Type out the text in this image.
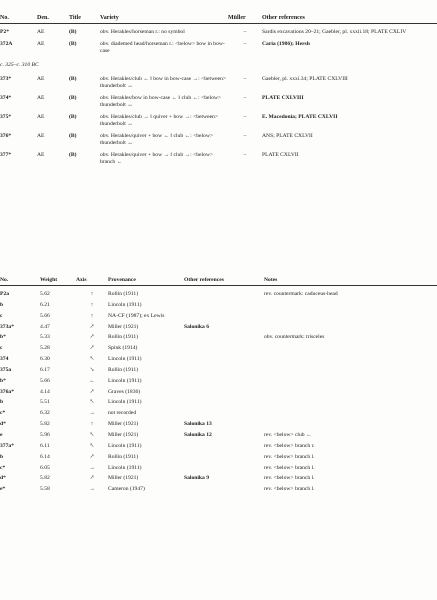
No.	Den.	Title	Variety	Müller	Other references

P2*	AE	(B)	obv. Herakles/horseman r.: no symbol	–	Sardis excavations 20–21; Gaebler, pl. xxxii.18; PLATE CXLIV
372A	AE	(B)	obv. diademed head/horseman r.: <below> bow in bow-case	–	Caria (1986); Hersh
c. 325–c. 310 BC					
373*	AE	(B)	obv. Herakles/club ← ‖ bow in bow-case →: <between> thunderbolt ↔	–	Gaebler, pl. xxxi.34; PLATE CXLVIII
374*	AE	(B)	obv. Herakles/bow in bow-case ← ‖ club ←: <below> thunderbolt ↔	–	PLATE CXLVIII
375*	AE	(B)	obv. Herakles/club → ‖ quiver + bow →: <between> thunderbolt ↔	–	E. Macedonia; PLATE CXLVII
376*	AE	(B)	obv. Herakles/quiver + bow ← ‖ club ←: <below> thunderbolt ↔	–	ANS; PLATE CXLVII
377*	AE	(B)	obv. Herakles/quiver + bow → ‖ club →: <below> branch ←	–	PLATE CXLVII
No.	Weight	Axis	Provenance	Other references	Notes

P2a	5.62	↑	Rollin (1911)		rev. countermark: caduceus-head
b	6.21	↑	Lincoln (1911)		
c	5.66	↑	NA-CF (1987); ex Lewis		
373a*	4.47	↗	Miller (1921)	Salonika 6	
b*	5.33	↗	Rollin (1911)		obv. countermark: trisceles
c	5.28	↗	Spink (1914)		
374	6.30	↖	Lincoln (1911)		
375a	6.17	↘	Rollin (1911)		
b*	5.66	←	Lincoln (1911)		
376a*	4.14	↗	Graves (1836)		
b	5.51	↖	Lincoln (1911)		
c*	6.32	→	not recorded		
d*	5.82	↑	Miller (1921)	Salonika 13	
e	5.96	↖	Miller (1921)	Salonika 12	rev. <below> club ←
377a*	6.11	↖	Lincoln (1911)		rev. <below> branch r.
b	6.14	↗	Rollin (1911)		rev. <below> branch l.
c*	6.05	→	Lincoln (1911)		rev. <below> branch l.
d*	5.82	↗	Miller (1921)	Salonika 9	rev. <below> branch l.
e*	5.58	→	Cameron (1947)		rev. <below> branch l.
